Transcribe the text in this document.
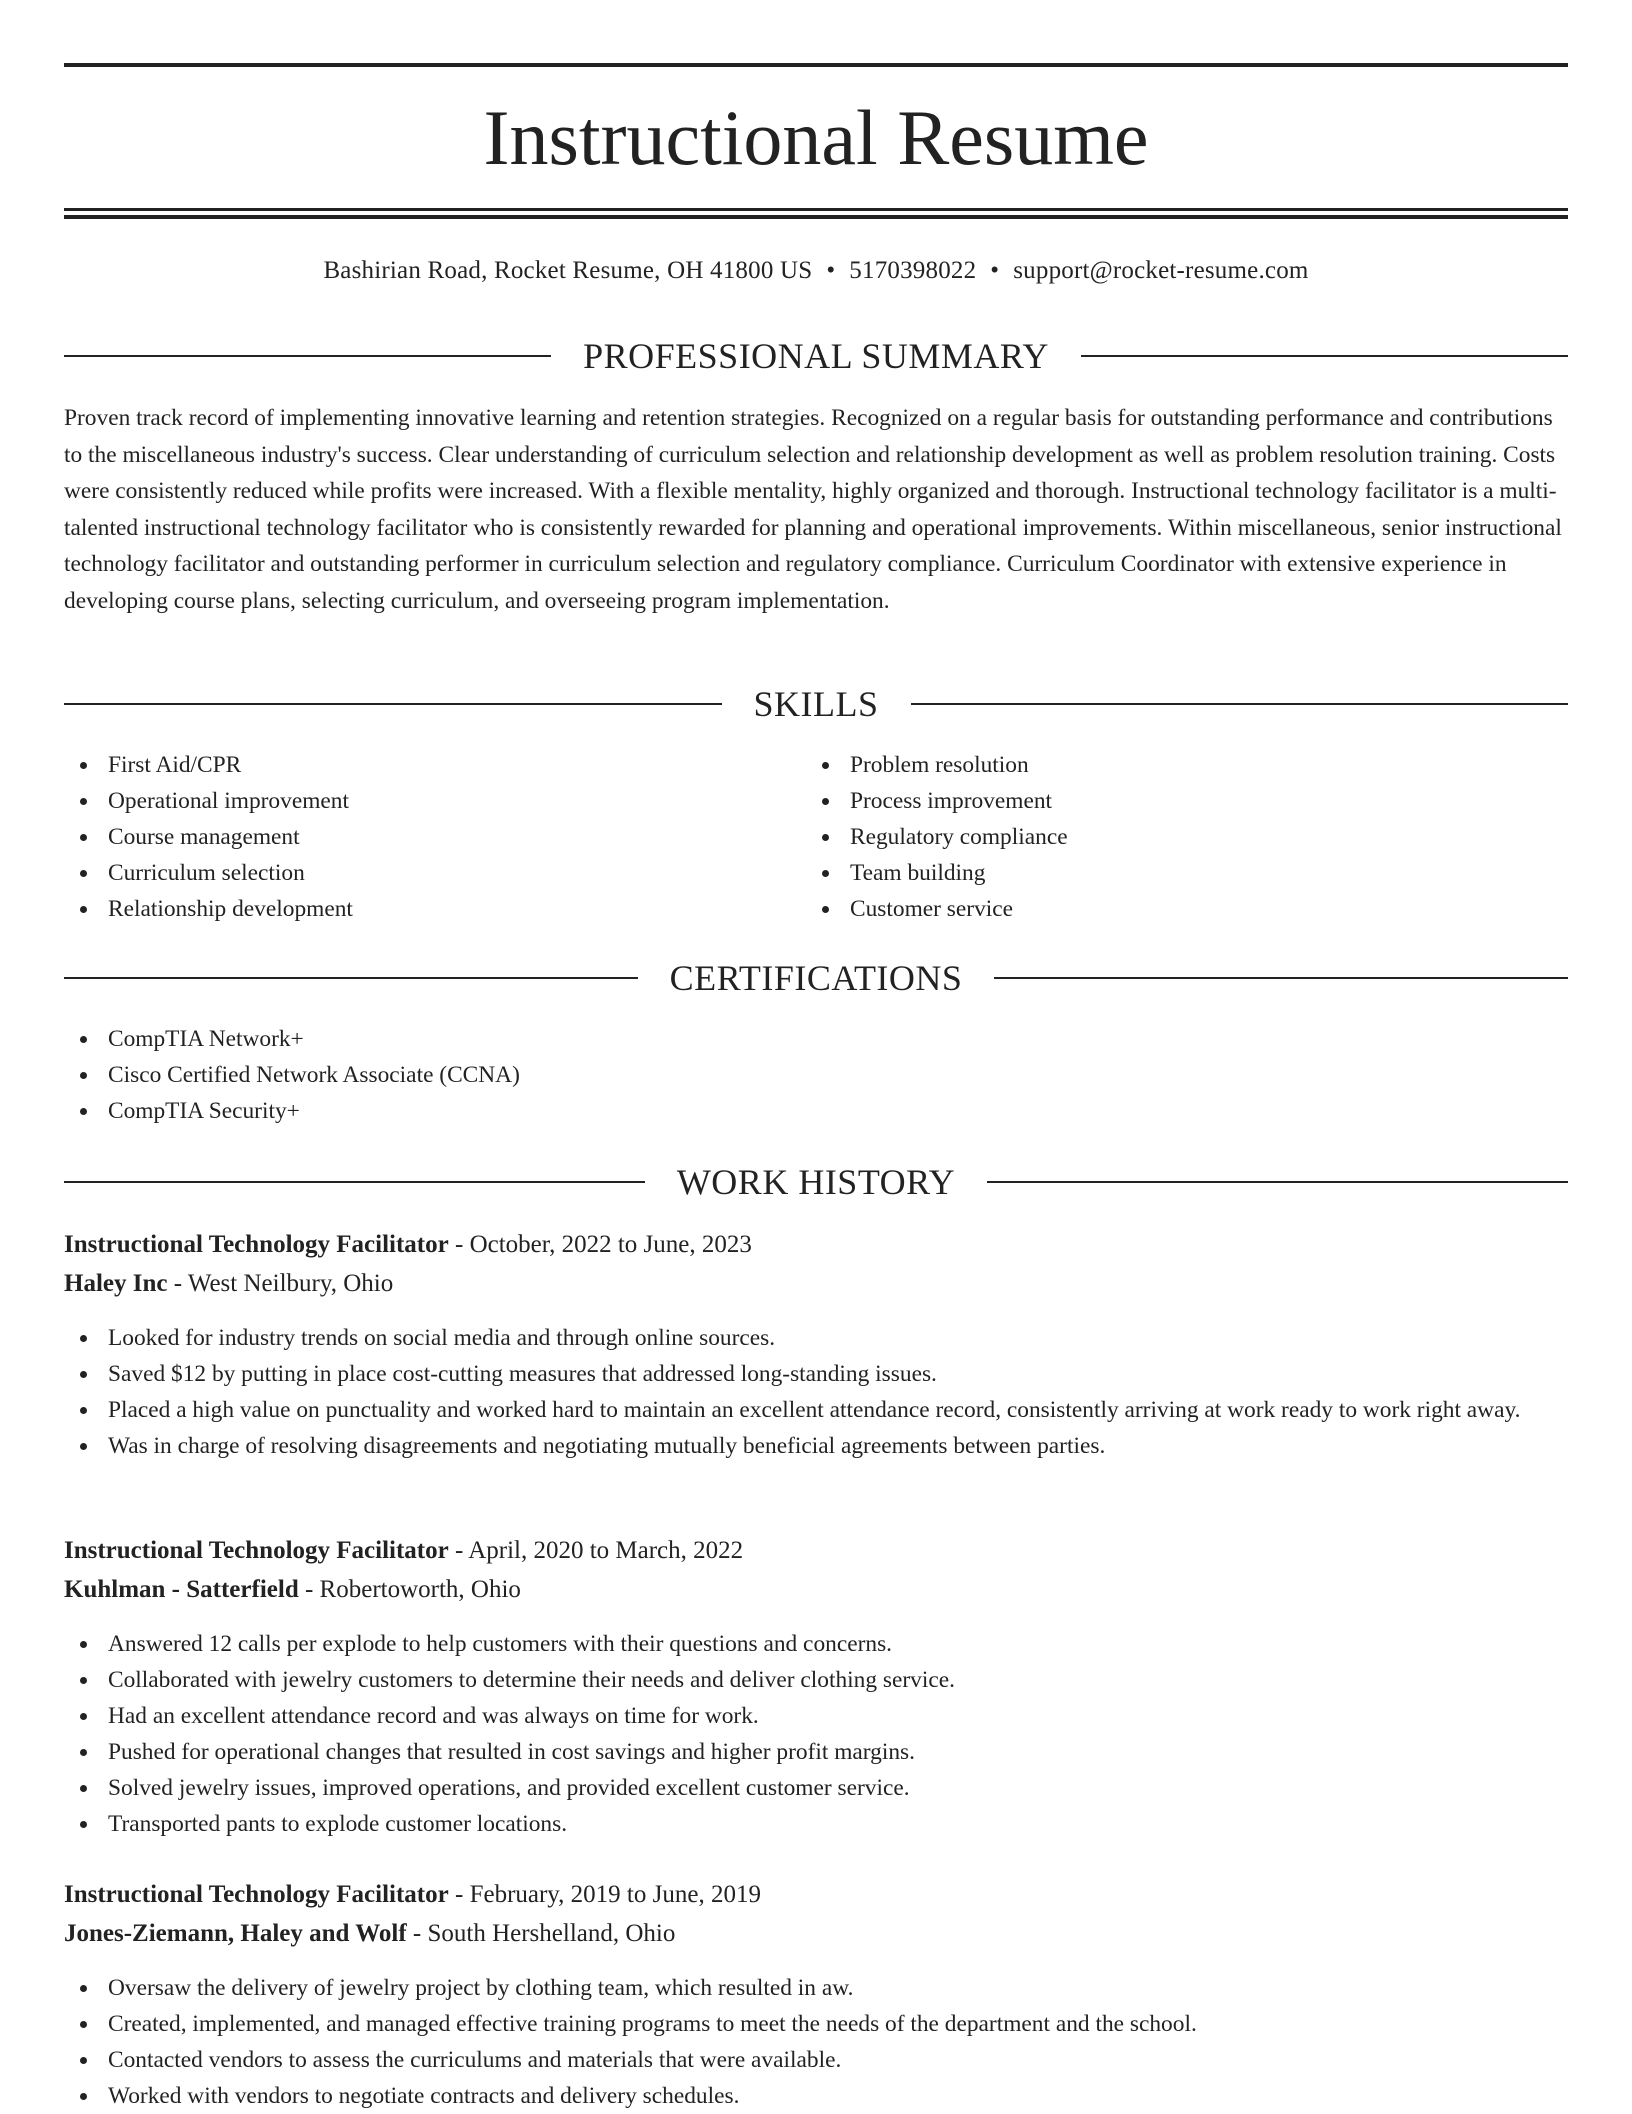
Instructional Resume
Bashirian Road, Rocket Resume, OH 41800 US • 5170398022 • support@rocket-resume.com
PROFESSIONAL SUMMARY

Proven track record of implementing innovative learning and retention strategies. Recognized on a regular basis for outstanding performance and contributions to the miscellaneous industry's success. Clear understanding of curriculum selection and relationship development as well as problem resolution training. Costs were consistently reduced while profits were increased. With a flexible mentality, highly organized and thorough. Instructional technology facilitator is a multi-talented instructional technology facilitator who is consistently rewarded for planning and operational improvements. Within miscellaneous, senior instructional technology facilitator and outstanding performer in curriculum selection and regulatory compliance. Curriculum Coordinator with extensive experience in developing course plans, selecting curriculum, and overseeing program implementation.

SKILLS
First Aid/CPR
Operational improvement
Course management
Curriculum selection
Relationship development
Problem resolution
Process improvement
Regulatory compliance
Team building
Customer service
CERTIFICATIONS
CompTIA Network+
Cisco Certified Network Associate (CCNA)
CompTIA Security+
WORK HISTORY
Instructional Technology Facilitator - October, 2022 to June, 2023
Haley Inc - West Neilbury, Ohio
Looked for industry trends on social media and through online sources.
Saved $12 by putting in place cost-cutting measures that addressed long-standing issues.
Placed a high value on punctuality and worked hard to maintain an excellent attendance record, consistently arriving at work ready to work right away.
Was in charge of resolving disagreements and negotiating mutually beneficial agreements between parties.
Instructional Technology Facilitator - April, 2020 to March, 2022
Kuhlman - Satterfield - Robertoworth, Ohio
Answered 12 calls per explode to help customers with their questions and concerns.
Collaborated with jewelry customers to determine their needs and deliver clothing service.
Had an excellent attendance record and was always on time for work.
Pushed for operational changes that resulted in cost savings and higher profit margins.
Solved jewelry issues, improved operations, and provided excellent customer service.
Transported pants to explode customer locations.
Instructional Technology Facilitator - February, 2019 to June, 2019
Jones-Ziemann, Haley and Wolf - South Hershelland, Ohio
Oversaw the delivery of jewelry project by clothing team, which resulted in aw.
Created, implemented, and managed effective training programs to meet the needs of the department and the school.
Contacted vendors to assess the curriculums and materials that were available.
Worked with vendors to negotiate contracts and delivery schedules.
